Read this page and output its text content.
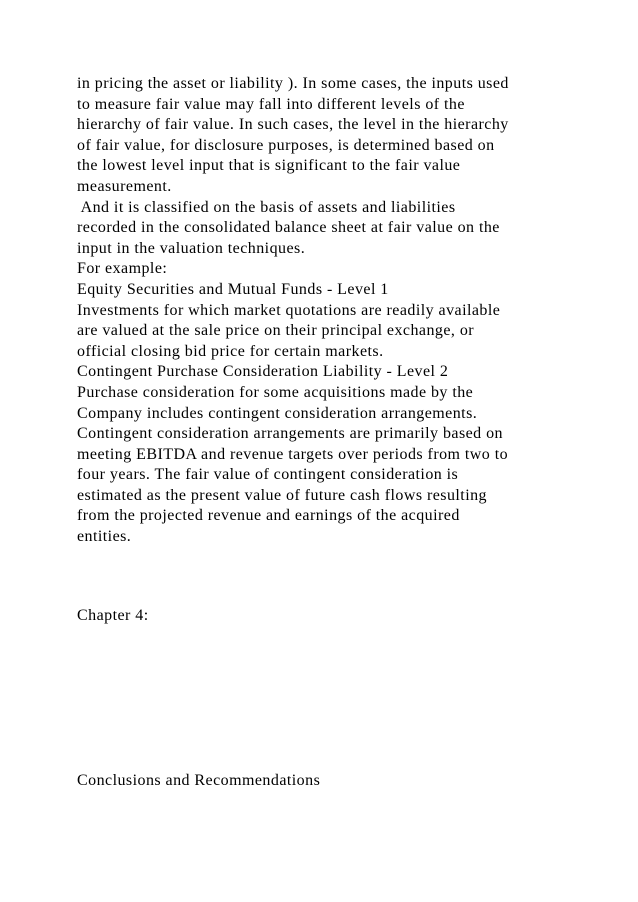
in pricing the asset or liability ). In some cases, the inputs used
to measure fair value may fall into different levels of the
hierarchy of fair value. In such cases, the level in the hierarchy
of fair value, for disclosure purposes, is determined based on
the lowest level input that is significant to the fair value
measurement.
And it is classified on the basis of assets and liabilities
recorded in the consolidated balance sheet at fair value on the
input in the valuation techniques.
For example:
Equity Securities and Mutual Funds - Level 1
Investments for which market quotations are readily available
are valued at the sale price on their principal exchange, or
official closing bid price for certain markets.
Contingent Purchase Consideration Liability - Level 2
Purchase consideration for some acquisitions made by the
Company includes contingent consideration arrangements.
Contingent consideration arrangements are primarily based on
meeting EBITDA and revenue targets over periods from two to
four years. The fair value of contingent consideration is
estimated as the present value of future cash flows resulting
from the projected revenue and earnings of the acquired
entities.
Chapter 4:
Conclusions and Recommendations
